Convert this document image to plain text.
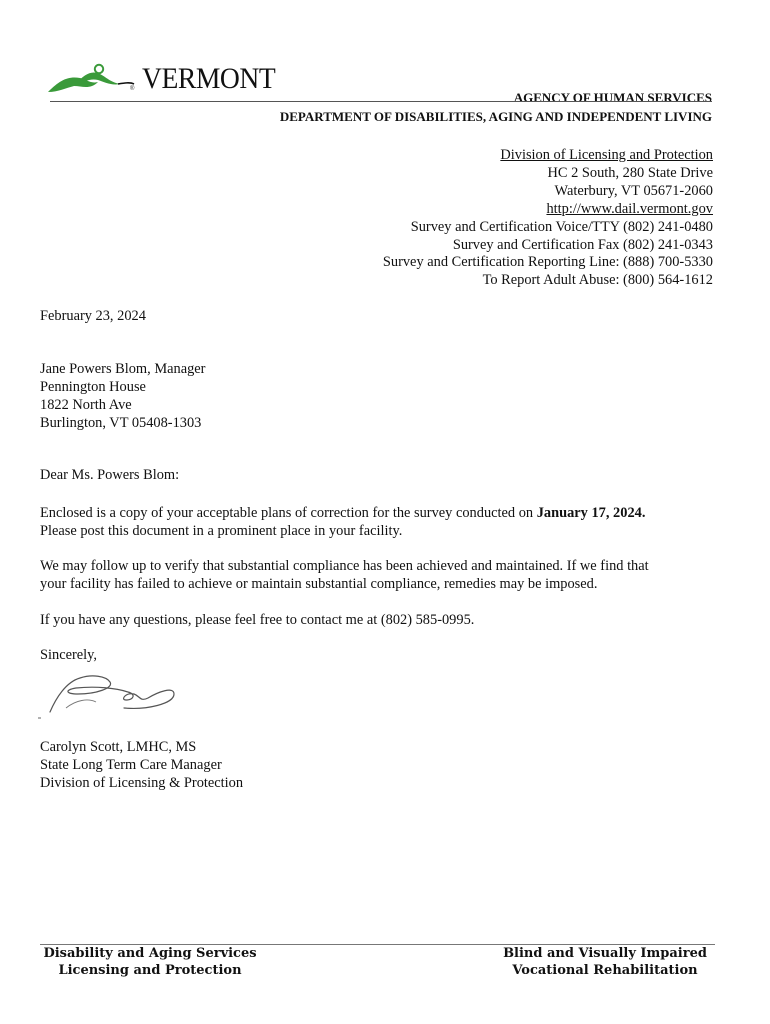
® VERMONT
AGENCY OF HUMAN SERVICES
DEPARTMENT OF DISABILITIES, AGING AND INDEPENDENT LIVING
Division of Licensing and Protection
HC 2 South, 280 State Drive
Waterbury, VT 05671-2060
http://www.dail.vermont.gov
Survey and Certification Voice/TTY (802) 241-0480
Survey and Certification Fax (802) 241-0343
Survey and Certification Reporting Line: (888) 700-5330
To Report Adult Abuse: (800) 564-1612
February 23, 2024
Jane Powers Blom, Manager
Pennington House
1822 North Ave
Burlington, VT 05408-1303
Dear Ms. Powers Blom:
Enclosed is a copy of your acceptable plans of correction for the survey conducted on January 17, 2024.
Please post this document in a prominent place in your facility.
We may follow up to verify that substantial compliance has been achieved and maintained. If we find that
your facility has failed to achieve or maintain substantial compliance, remedies may be imposed.
If you have any questions, please feel free to contact me at (802) 585-0995.
Sincerely,
Carolyn Scott, LMHC, MS
State Long Term Care Manager
Division of Licensing & Protection
Disability and Aging Services
Licensing and Protection
Blind and Visually Impaired
Vocational Rehabilitation
